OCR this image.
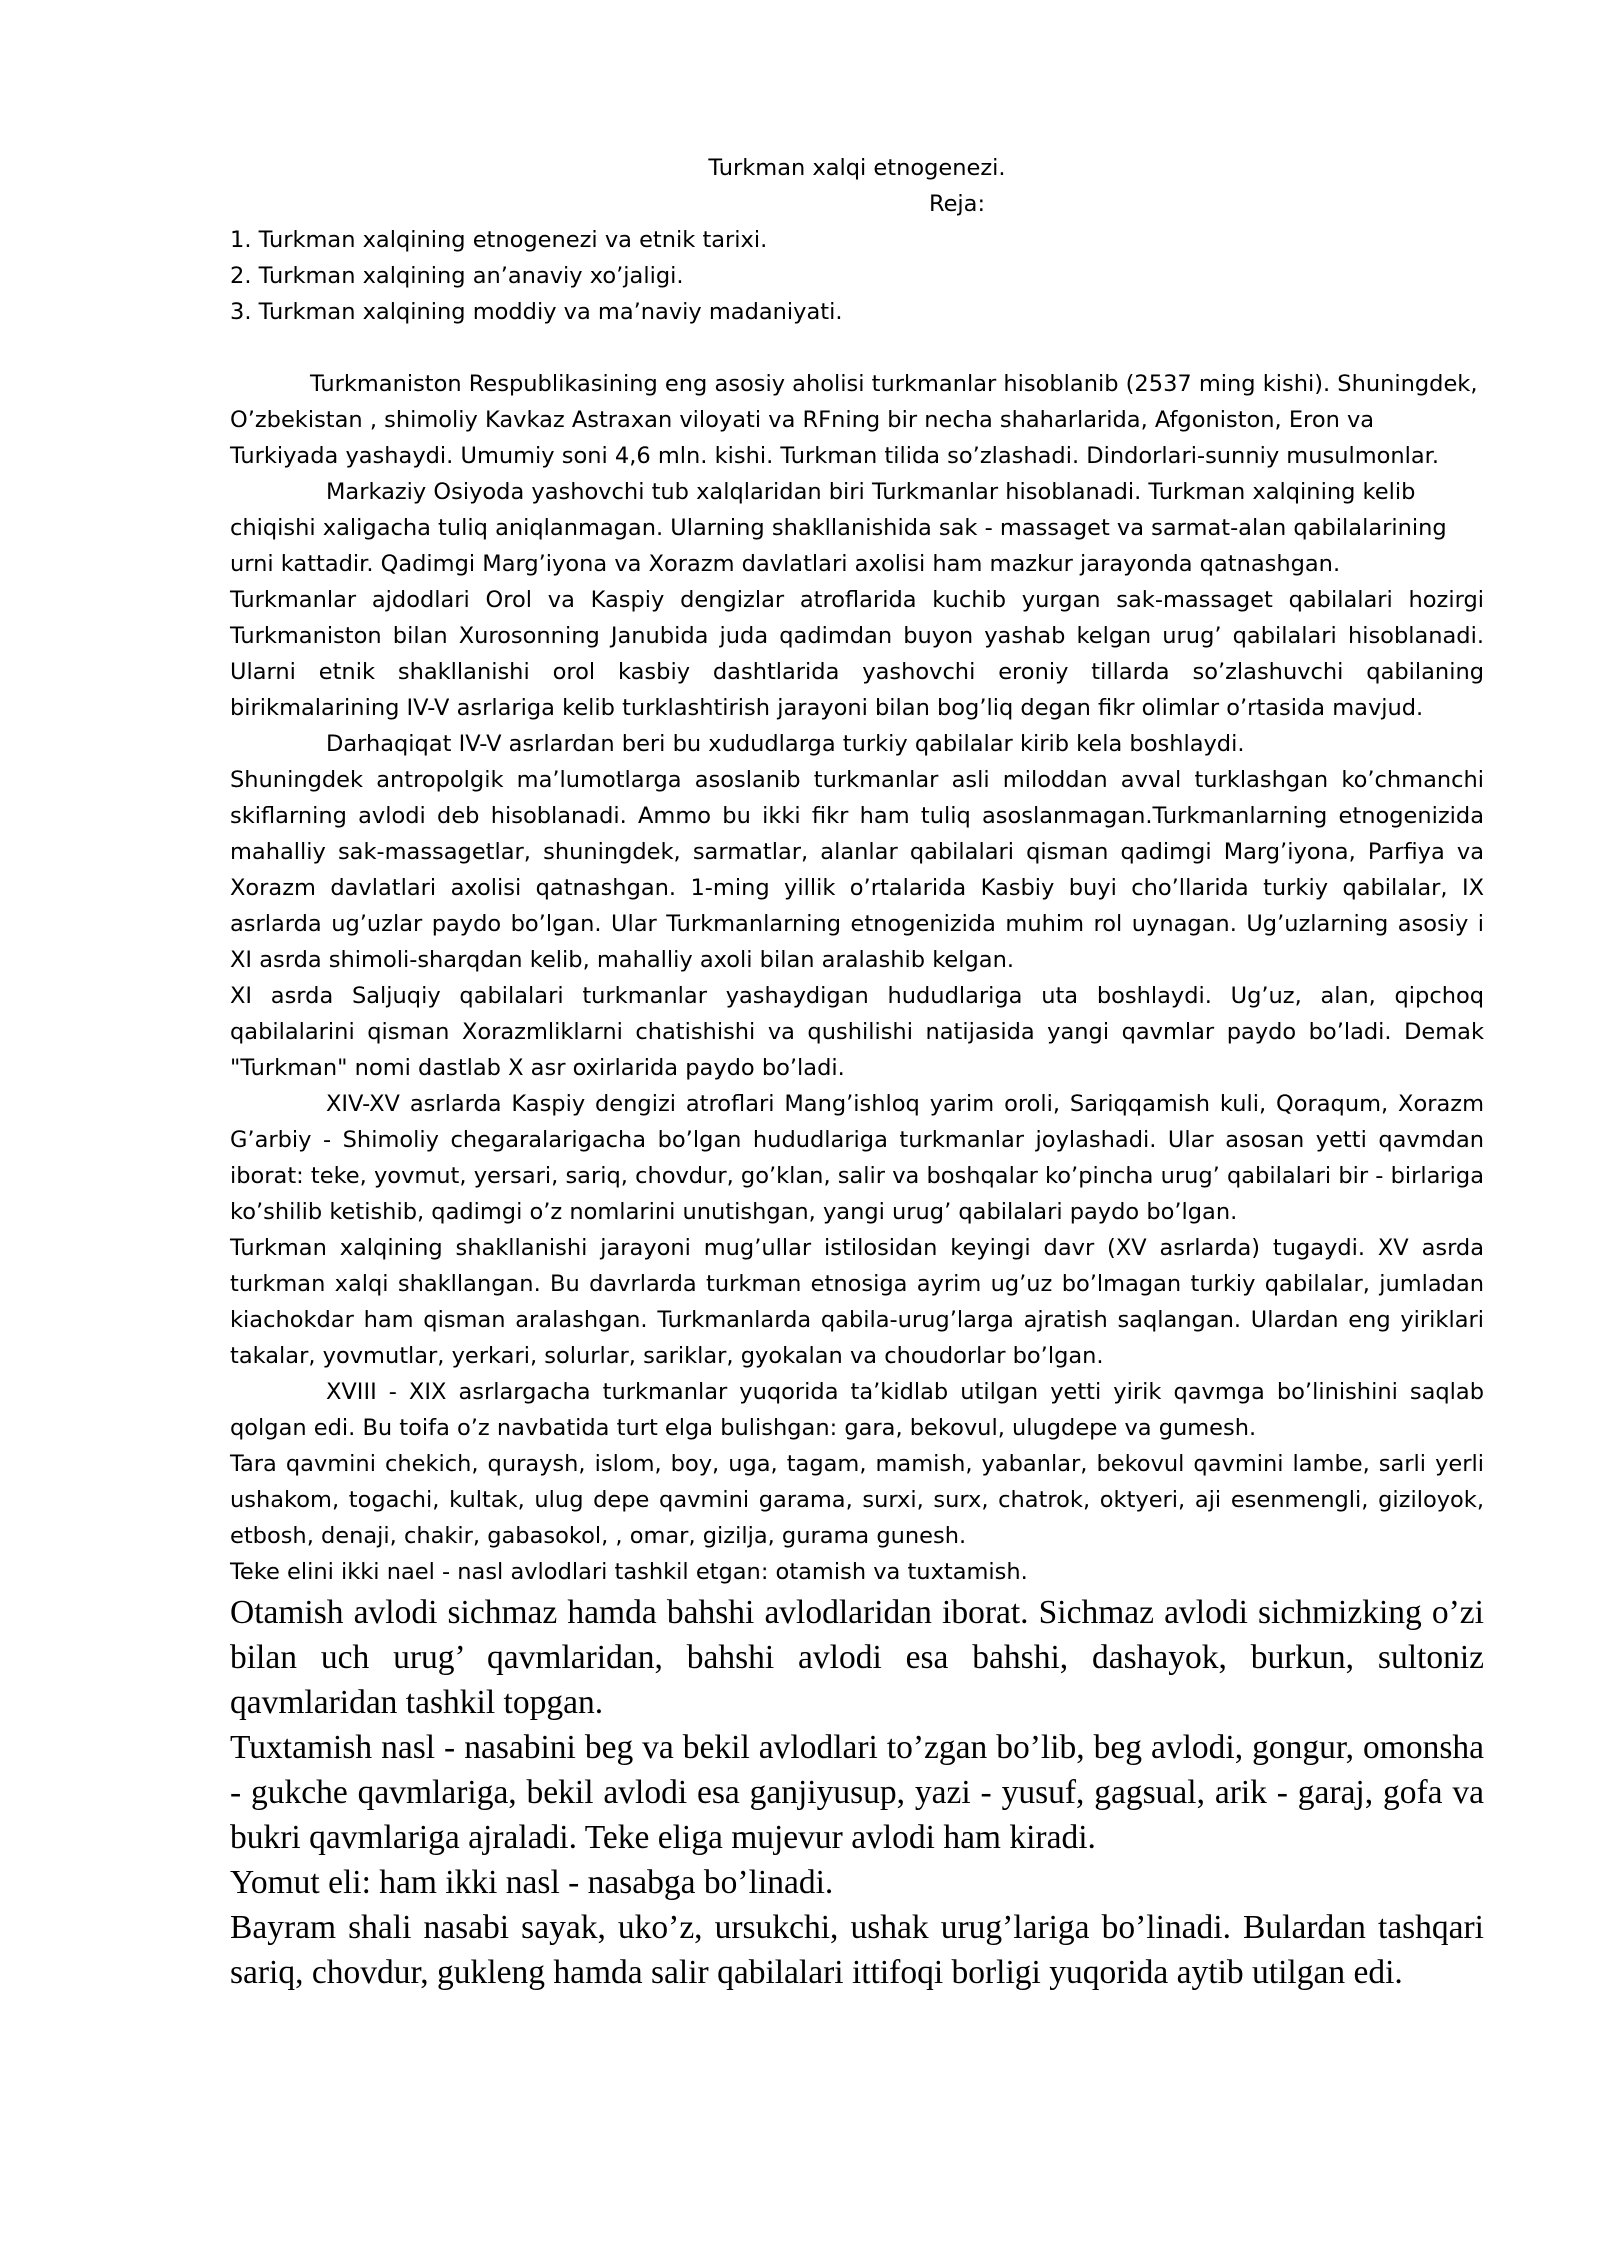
Turkman xalqi etnogenezi.

Reja:

1. Turkman xalqining etnogenezi va etnik tarixi.
2. Turkman xalqining an’anaviy xo’jaligi.
3. Turkman xalqining moddiy va ma’naviy madaniyati.

Turkmaniston Respublikasining eng asosiy aholisi turkmanlar hisoblanib (2537 ming kishi). Shuningdek, O’zbekistan , shimoliy Kavkaz Astraxan viloyati va RFning bir necha shaharlarida, Afgoniston, Eron va Turkiyada yashaydi. Umumiy soni 4,6 mln. kishi. Turkman tilida so’zlashadi. Dindorlari-sunniy musulmonlar.

Markaziy Osiyoda yashovchi tub xalqlaridan biri Turkmanlar hisoblanadi. Turkman xalqining kelib chiqishi xaligacha tuliq aniqlanmagan. Ularning shakllanishida sak - massaget va sarmat-alan qabilalarining urni kattadir. Qadimgi Marg’iyona va Xorazm davlatlari axolisi ham mazkur jarayonda qatnashgan.

Turkmanlar ajdodlari Orol va Kaspiy dengizlar atroflarida kuchib yurgan sak-massaget qabilalari hozirgi Turkmaniston bilan Xurosonning Janubida juda qadimdan buyon yashab kelgan urug’ qabilalari hisoblanadi. Ularni etnik shakllanishi orol kasbiy dashtlarida yashovchi eroniy tillarda so’zlashuvchi qabilaning birikmalarining IV-V asrlariga kelib turklashtirish jarayoni bilan bog’liq degan fikr olimlar o’rtasida mavjud.

Darhaqiqat IV-V asrlardan beri bu xududlarga turkiy qabilalar kirib kela boshlaydi.

Shuningdek antropolgik ma’lumotlarga asoslanib turkmanlar asli miloddan avval turklashgan ko’chmanchi skiflarning avlodi deb hisoblanadi. Ammo bu ikki fikr ham tuliq asoslanmagan.Turkmanlarning etnogenizida mahalliy sak-massagetlar, shuningdek, sarmatlar, alanlar qabilalari qisman qadimgi Marg’iyona, Parfiya va Xorazm davlatlari axolisi qatnashgan. 1-ming yillik o’rtalarida Kasbiy buyi cho’llarida turkiy qabilalar, IX asrlarda ug’uzlar paydo bo’lgan. Ular Turkmanlarning etnogenizida muhim rol uynagan. Ug’uzlarning asosiy i XI asrda shimoli-sharqdan kelib, mahalliy axoli bilan aralashib kelgan.

XI asrda Saljuqiy qabilalari turkmanlar yashaydigan hududlariga uta boshlaydi. Ug’uz, alan, qipchoq qabilalarini qisman Xorazmliklarni chatishishi va qushilishi natijasida yangi qavmlar paydo bo’ladi. Demak "Turkman" nomi dastlab X asr oxirlarida paydo bo’ladi.

XIV-XV asrlarda Kaspiy dengizi atroflari Mang’ishloq yarim oroli, Sariqqamish kuli, Qoraqum, Xorazm G’arbiy - Shimoliy chegaralarigacha bo’lgan hududlariga turkmanlar joylashadi. Ular asosan yetti qavmdan iborat: teke, yovmut, yersari, sariq, chovdur, go’klan, salir va boshqalar ko’pincha urug’ qabilalari bir - birlariga ko’shilib ketishib, qadimgi o’z nomlarini unutishgan, yangi urug’ qabilalari paydo bo’lgan.

Turkman xalqining shakllanishi jarayoni mug’ullar istilosidan keyingi davr (XV asrlarda) tugaydi. XV asrda turkman xalqi shakllangan. Bu davrlarda turkman etnosiga ayrim ug’uz bo’lmagan turkiy qabilalar, jumladan kiachokdar ham qisman aralashgan. Turkmanlarda qabila-urug’larga ajratish saqlangan. Ulardan eng yiriklari takalar, yovmutlar, yerkari, solurlar, sariklar, gyokalan va choudorlar bo’lgan.

XVIII - XIX asrlargacha turkmanlar yuqorida ta’kidlab utilgan yetti yirik qavmga bo’linishini saqlab qolgan edi. Bu toifa o’z navbatida turt elga bulishgan: gara, bekovul, ulugdepe va gumesh.

Tara qavmini chekich, quraysh, islom, boy, uga, tagam, mamish, yabanlar, bekovul qavmini lambe, sarli yerli ushakom, togachi, kultak, ulug depe qavmini garama, surxi, surx, chatrok, oktyeri, aji esenmengli, giziloyok, etbosh, denaji, chakir, gabasokol, , omar, gizilja, gurama gunesh.

Teke elini ikki nael - nasl avlodlari tashkil etgan: otamish va tuxtamish.

Otamish avlodi sichmaz hamda bahshi avlodlaridan iborat. Sichmaz avlodi sichmizking o’zi bilan uch urug’ qavmlaridan, bahshi avlodi esa bahshi, dashayok, burkun, sultoniz qavmlaridan tashkil topgan.

Tuxtamish nasl - nasabini beg va bekil avlodlari to’zgan bo’lib, beg avlodi, gongur, omonsha - gukche qavmlariga, bekil avlodi esa ganjiyusup, yazi - yusuf, gagsual, arik - garaj, gofa va bukri qavmlariga ajraladi. Teke eliga mujevur avlodi ham kiradi.

Yomut eli: ham ikki nasl - nasabga bo’linadi.

Bayram shali nasabi sayak, uko’z, ursukchi, ushak urug’lariga bo’linadi. Bulardan tashqari sariq, chovdur, gukleng hamda salir qabilalari ittifoqi borligi yuqorida aytib utilgan edi.
